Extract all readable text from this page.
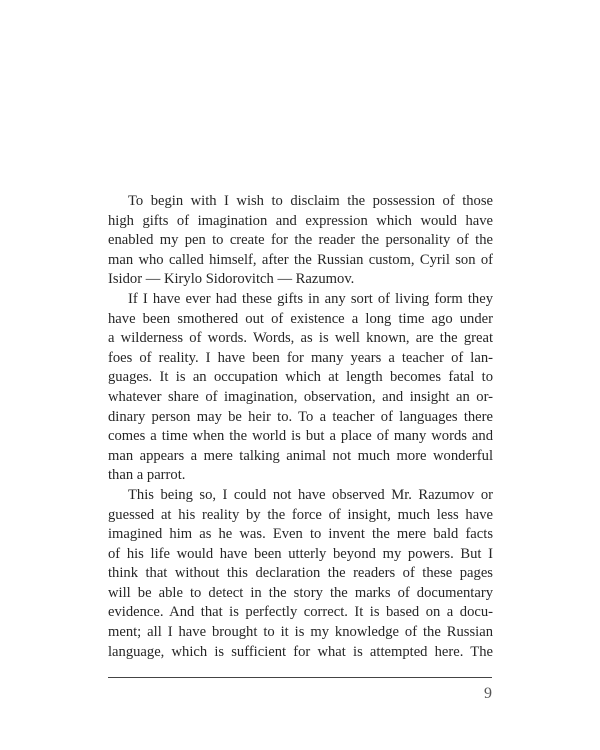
To begin with I wish to disclaim the possession of those
high gifts of imagination and expression which would have
enabled my pen to create for the reader the personality of the
man who called himself, after the Russian custom, Cyril son of
Isidor — Kirylo Sidorovitch — Razumov.
If I have ever had these gifts in any sort of living form they
have been smothered out of existence a long time ago under
a wilderness of words. Words, as is well known, are the great
foes of reality. I have been for many years a teacher of lan-
guages. It is an occupation which at length becomes fatal to
whatever share of imagination, observation, and insight an or-
dinary person may be heir to. To a teacher of languages there
comes a time when the world is but a place of many words and
man appears a mere talking animal not much more wonderful
than a parrot.
This being so, I could not have observed Mr. Razumov or
guessed at his reality by the force of insight, much less have
imagined him as he was. Even to invent the mere bald facts
of his life would have been utterly beyond my powers. But I
think that without this declaration the readers of these pages
will be able to detect in the story the marks of documentary
evidence. And that is perfectly correct. It is based on a docu-
ment; all I have brought to it is my knowledge of the Russian
language, which is sufficient for what is attempted here. The
9
